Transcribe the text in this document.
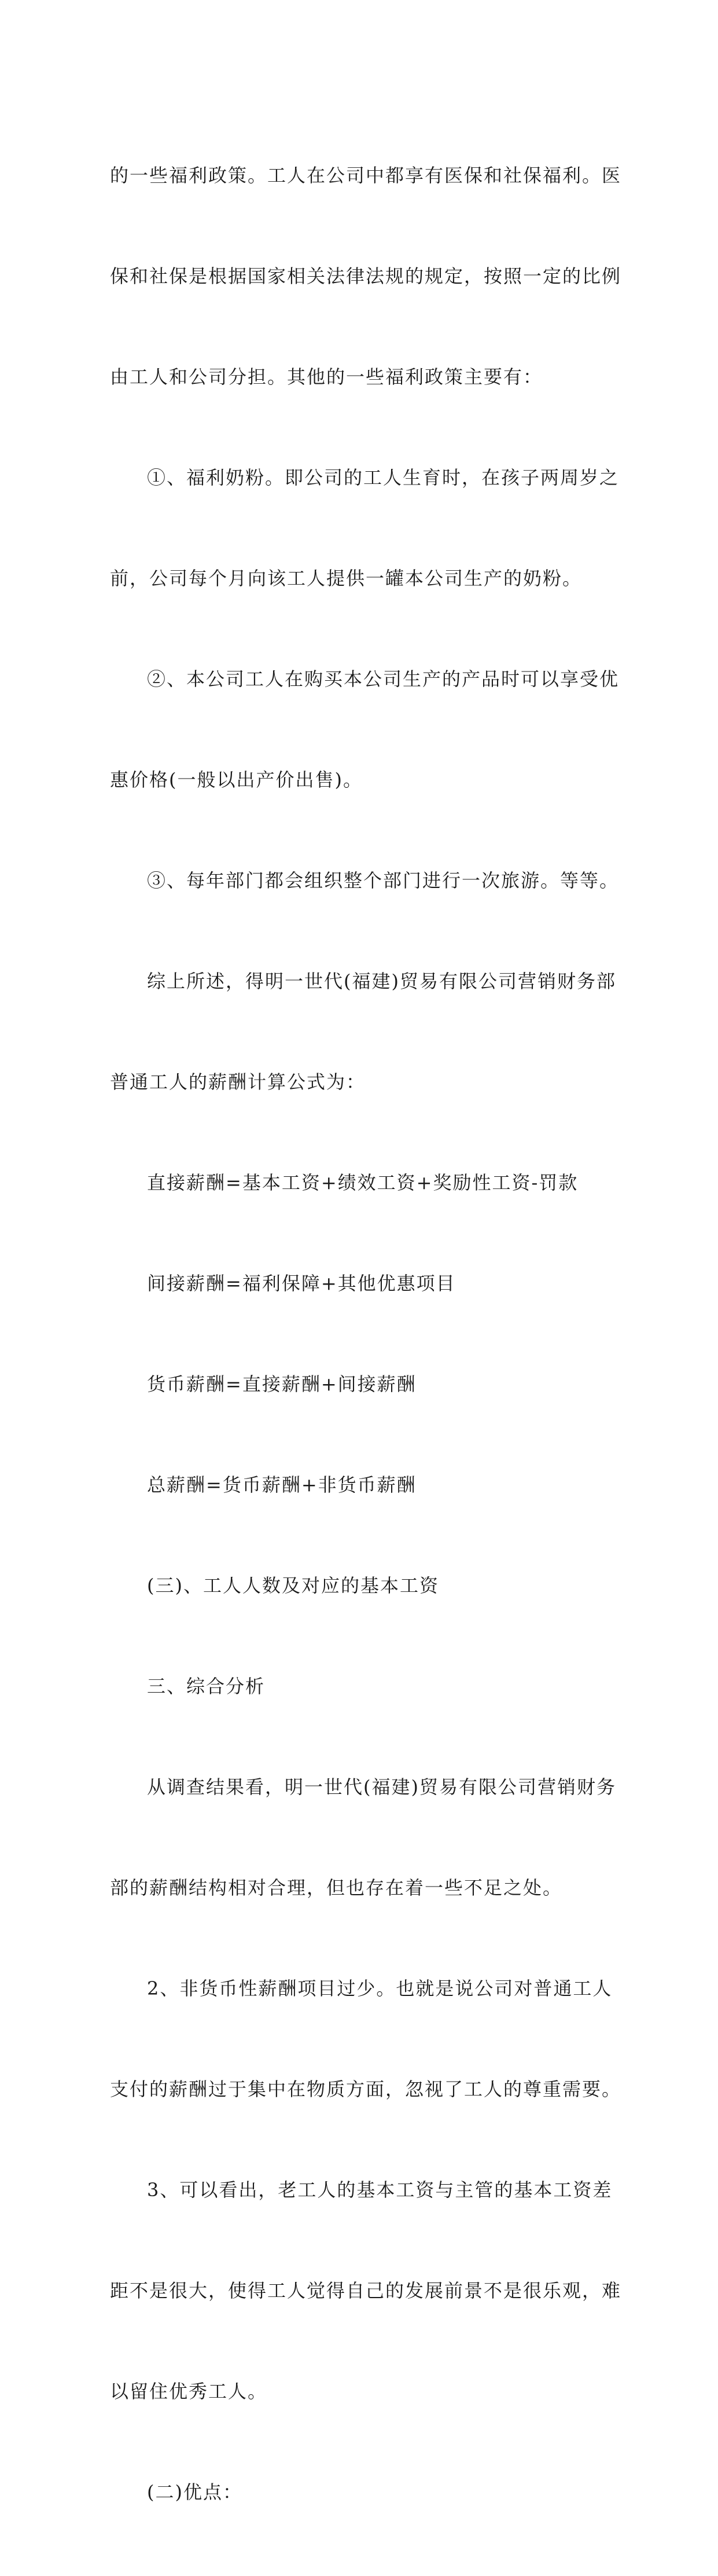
的一些福利政策。工人在公司中都享有医保和社保福利。医

保和社保是根据国家相关法律法规的规定，按照一定的比例

由工人和公司分担。其他的一些福利政策主要有：

①、福利奶粉。即公司的工人生育时，在孩子两周岁之

前，公司每个月向该工人提供一罐本公司生产的奶粉。

②、本公司工人在购买本公司生产的产品时可以享受优

惠价格(一般以出产价出售)。

③、每年部门都会组织整个部门进行一次旅游。等等。

综上所述，得明一世代(福建)贸易有限公司营销财务部

普通工人的薪酬计算公式为：

直接薪酬=基本工资+绩效工资+奖励性工资-罚款

间接薪酬=福利保障+其他优惠项目

货币薪酬=直接薪酬+间接薪酬

总薪酬=货币薪酬+非货币薪酬

(三)、工人人数及对应的基本工资

三、综合分析

从调查结果看，明一世代(福建)贸易有限公司营销财务

部的薪酬结构相对合理，但也存在着一些不足之处。

2、非货币性薪酬项目过少。也就是说公司对普通工人

支付的薪酬过于集中在物质方面，忽视了工人的尊重需要。

3、可以看出，老工人的基本工资与主管的基本工资差

距不是很大，使得工人觉得自己的发展前景不是很乐观，难

以留住优秀工人。

(二)优点：
